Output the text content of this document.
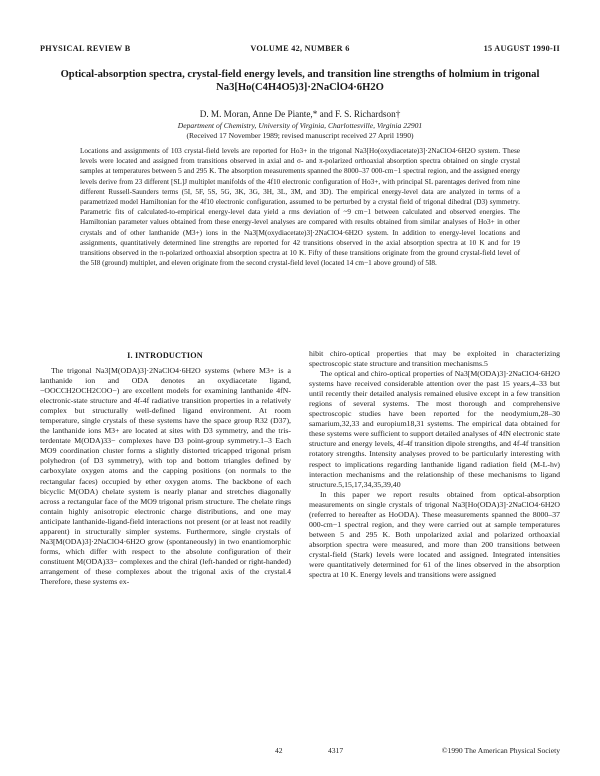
PHYSICAL REVIEW B	VOLUME 42, NUMBER 6	15 AUGUST 1990-II
Optical-absorption spectra, crystal-field energy levels, and transition line strengths of holmium in trigonal Na3[Ho(C4H4O5)3]·2NaClO4·6H2O
D. M. Moran, Anne De Piante,* and F. S. Richardson†
Department of Chemistry, University of Virginia, Charlottesville, Virginia 22901
(Received 17 November 1989; revised manuscript received 27 April 1990)
Locations and assignments of 103 crystal-field levels are reported for Ho3+ in the trigonal Na3[Ho(oxydiacetate)3]·2NaClO4·6H2O system. These levels were located and assigned from transitions observed in axial and σ- and π-polarized orthoaxial absorption spectra obtained on single crystal samples at temperatures between 5 and 295 K. The absorption measurements spanned the 8000–37 000-cm−1 spectral region, and the assigned energy levels derive from 23 different [SL]J multiplet manifolds of the 4f10 electronic configuration of Ho3+, with principal SL parentages derived from nine different Russell-Saunders terms (5I, 5F, 5S, 5G, 3K, 3G, 3H, 3L, 3M, and 3D). The empirical energy-level data are analyzed in terms of a parametrized model Hamiltonian for the 4f10 electronic configuration, assumed to be perturbed by a crystal field of trigonal dihedral (D3) symmetry. Parametric fits of calculated-to-empirical energy-level data yield a rms deviation of ~9 cm−1 between calculated and observed energies. The Hamiltonian parameter values obtained from these energy-level analyses are compared with results obtained from similar analyses of Ho3+ in other crystals and of other lanthanide (M3+) ions in the Na3[M(oxydiacetate)3]·2NaClO4·6H2O system. In addition to energy-level locations and assignments, quantitatively determined line strengths are reported for 42 transitions observed in the axial absorption spectra at 10 K and for 19 transitions observed in the π-polarized orthoaxial absorption spectra at 10 K. Fifty of these transitions originate from the ground crystal-field level of the 5I8 (ground) multiplet, and eleven originate from the second crystal-field level (located 14 cm−1 above ground) of 5I8.
I. INTRODUCTION

The trigonal Na3[M(ODA)3]·2NaClO4·6H2O systems (where M3+ is a lanthanide ion and ODA denotes an oxydiacetate ligand, −OOCCH2OCH2COO−) are excellent models for examining lanthanide 4fN-electronic-state structure and 4f-4f radiative transition properties in a relatively complex but structurally well-defined ligand environment. At room temperature, single crystals of these systems have the space group R32 (D37), the lanthanide ions M3+ are located at sites with D3 symmetry, and the tris-terdentate M(ODA)33− complexes have D3 point-group symmetry.1–3 Each MO9 coordination cluster forms a slightly distorted tricapped trigonal prism polyhedron (of D3 symmetry), with top and bottom triangles defined by carboxylate oxygen atoms and the capping positions (on normals to the rectangular faces) occupied by ether oxygen atoms. The backbone of each bicyclic M(ODA) chelate system is nearly planar and stretches diagonally across a rectangular face of the MO9 trigonal prism structure. The chelate rings contain highly anisotropic electronic charge distributions, and one may anticipate lanthanide-ligand-field interactions not present (or at least not readily apparent) in structurally simpler systems. Furthermore, single crystals of Na3[M(ODA)3]·2NaClO4·6H2O grow (spontaneously) in two enantiomorphic forms, which differ with respect to the absolute configuration of their constituent M(ODA)33− complexes and the chiral (left-handed or right-handed) arrangement of these complexes about the trigonal axis of the crystal.4 Therefore, these systems ex-

hibit chiro-optical properties that may be exploited in characterizing spectroscopic state structure and transition mechanisms.5

The optical and chiro-optical properties of Na3[M(ODA)3]·2NaClO4·6H2O systems have received considerable attention over the past 15 years,4–33 but until recently their detailed analysis remained elusive except in a few transition regions of several systems. The most thorough and comprehensive spectroscopic studies have been reported for the neodymium,28–30 samarium,32,33 and europium18,31 systems. The empirical data obtained for these systems were sufficient to support detailed analyses of 4fN electronic state structure and energy levels, 4f-4f transition dipole strengths, and 4f-4f transition rotatory strengths. Intensity analyses proved to be particularly interesting with respect to implications regarding lanthanide ligand radiation field (M-L-hν) interaction mechanisms and the relationship of these mechanisms to ligand structure.5,15,17,34,35,39,40

In this paper we report results obtained from optical-absorption measurements on single crystals of trigonal Na3[Ho(ODA)3]·2NaClO4·6H2O (referred to hereafter as HoODA). These measurements spanned the 8000–37 000-cm−1 spectral region, and they were carried out at sample temperatures between 5 and 295 K. Both unpolarized axial and polarized orthoaxial absorption spectra were measured, and more than 200 transitions between crystal-field (Stark) levels were located and assigned. Integrated intensities were quantitatively determined for 61 of the lines observed in the absorption spectra at 10 K. Energy levels and transitions were assigned

42	4317	©1990 The American Physical Society
